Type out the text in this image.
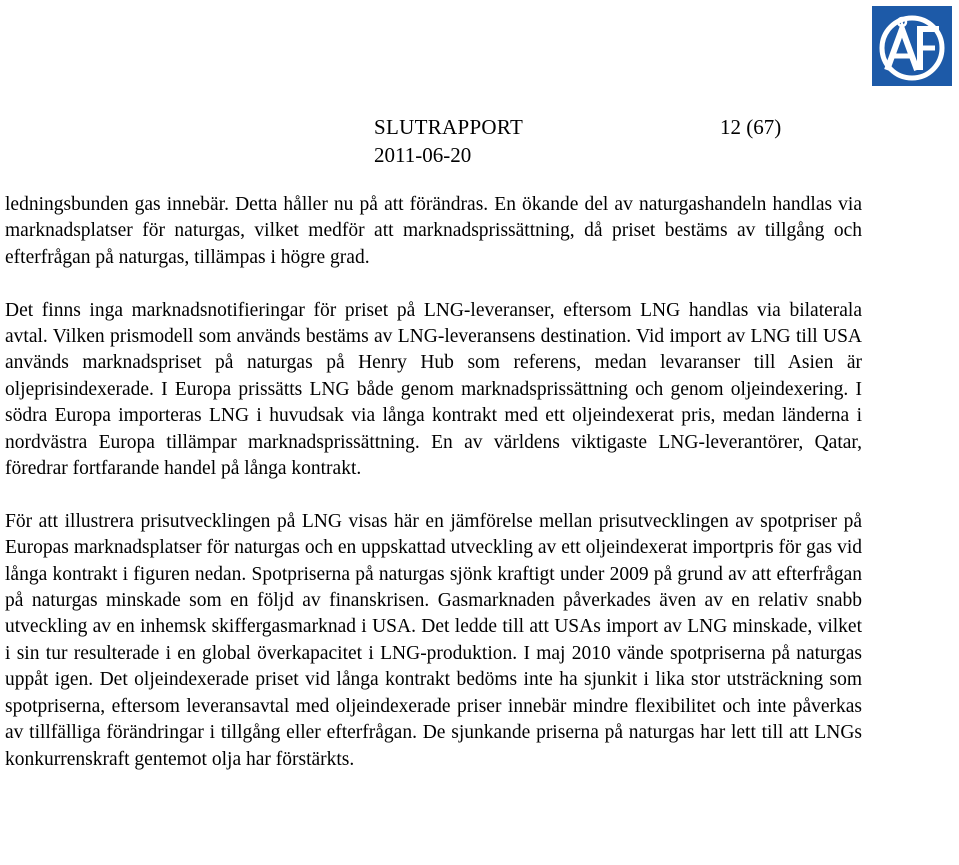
SLUTRAPPORT	12 (67)
2011-06-20

ledningsbunden gas innebär. Detta håller nu på att förändras. En ökande del av naturgashandeln handlas via marknadsplatser för naturgas, vilket medför att marknadsprissättning, då priset bestäms av tillgång och efterfrågan på naturgas, tillämpas i högre grad.

Det finns inga marknadsnotifieringar för priset på LNG-leveranser, eftersom LNG handlas via bilaterala avtal. Vilken prismodell som används bestäms av LNG-leveransens destination. Vid import av LNG till USA används marknadspriset på naturgas på Henry Hub som referens, medan levaranser till Asien är oljeprisindexerade. I Europa prissätts LNG både genom marknadsprissättning och genom oljeindexering. I södra Europa importeras LNG i huvudsak via långa kontrakt med ett oljeindexerat pris, medan länderna i nordvästra Europa tillämpar marknadsprissättning. En av världens viktigaste LNG-leverantörer, Qatar, föredrar fortfarande handel på långa kontrakt.

För att illustrera prisutvecklingen på LNG visas här en jämförelse mellan prisutvecklingen av spotpriser på Europas marknadsplatser för naturgas och en uppskattad utveckling av ett oljeindexerat importpris för gas vid långa kontrakt i figuren nedan. Spotpriserna på naturgas sjönk kraftigt under 2009 på grund av att efterfrågan på naturgas minskade som en följd av finanskrisen. Gasmarknaden påverkades även av en relativ snabb utveckling av en inhemsk skiffergasmarknad i USA. Det ledde till att USAs import av LNG minskade, vilket i sin tur resulterade i en global överkapacitet i LNG-produktion. I maj 2010 vände spotpriserna på naturgas uppåt igen. Det oljeindexerade priset vid långa kontrakt bedöms inte ha sjunkit i lika stor utsträckning som spotpriserna, eftersom leveransavtal med oljeindexerade priser innebär mindre flexibilitet och inte påverkas av tillfälliga förändringar i tillgång eller efterfrågan. De sjunkande priserna på naturgas har lett till att LNGs konkurrenskraft gentemot olja har förstärkts.
